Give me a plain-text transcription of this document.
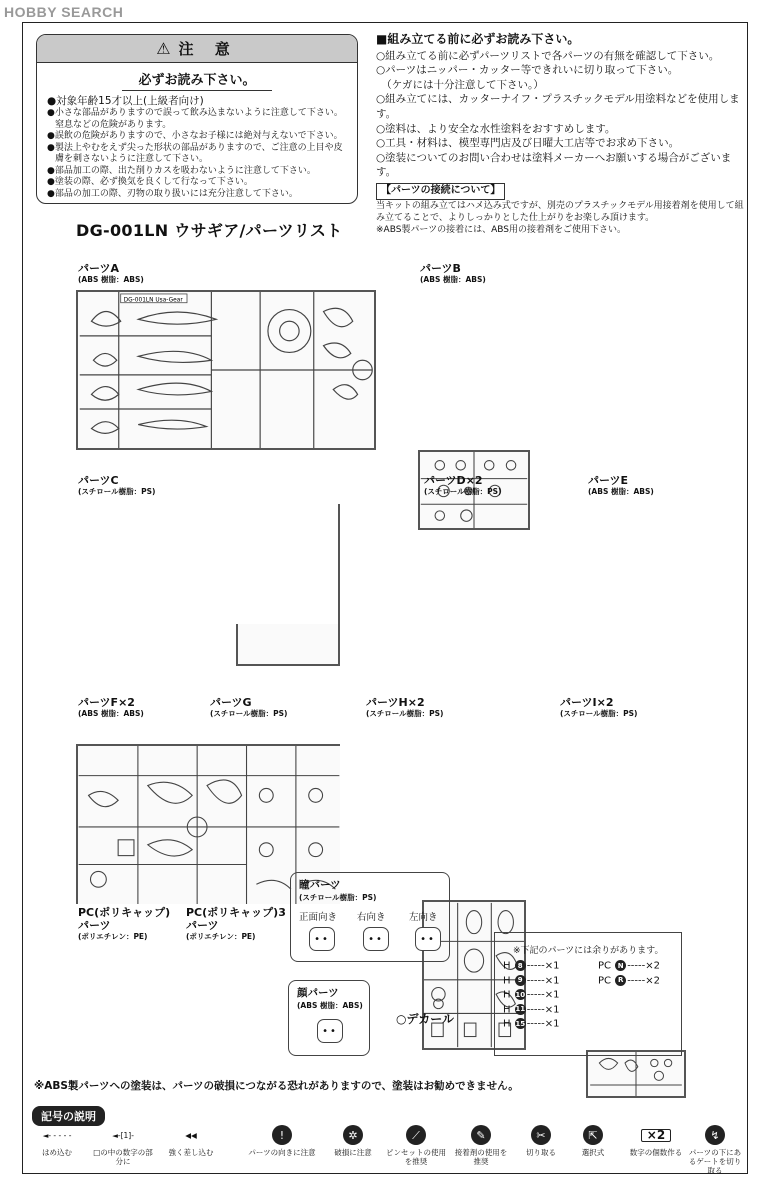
HOBBY SEARCH
⚠ 注 意
必ずお読み下さい。
●対象年齢15才以上(上級者向け)
●小さな部品がありますので誤って飲み込まないように注意して下さい。窒息などの危険があります。
●誤飲の危険がありますので、小さなお子様には絶対与えないで下さい。
●製法上やむをえず尖った形状の部品がありますので、ご注意の上目や皮膚を刺さないように注意して下さい。
●部品加工の際、出た削りカスを吸わないように注意して下さい。
●塗装の際、必ず換気を良くして行なって下さい。
●部品の加工の際、刃物の取り扱いには充分注意して下さい。
■組み立てる前に必ずお読み下さい。
○組み立てる前に必ずパーツリストで各パーツの有無を確認して下さい。
○パーツはニッパー・カッター等できれいに切り取って下さい。
　（ケガには十分注意して下さい。）
○組み立てには、カッターナイフ・プラスチックモデル用塗料などを使用します。
○塗料は、より安全な水性塗料をおすすめします。
○工具・材料は、模型専門店及び日曜大工店等でお求め下さい。
○塗装についてのお問い合わせは塗料メーカーへお願いする場合がございます。
【パーツの接続について】
当キットの組み立てはハメ込み式ですが、別売のプラスチックモデル用接着剤を使用して組み立てることで、よりしっかりとした仕上がりをお楽しみ頂けます。
※ABS製パーツの接着には、ABS用の接着剤をご使用下さい。
DG-001LN ウサギア/パーツリスト
パーツA
(ABS 樹脂：ABS)
DG-001LN Usa-Gear
パーツB
(ABS 樹脂：ABS)
パーツC
(スチロール樹脂：PS)
パーツD×2
(スチロール樹脂：PS)
パーツE
(ABS 樹脂：ABS)
パーツF×2
(ABS 樹脂：ABS)
パーツG
(スチロール樹脂：PS)
パーツH×2
(スチロール樹脂：PS)
パーツI×2
(スチロール樹脂：PS)
瞳パーツ
(スチロール樹脂：PS)
正面向き 右向き 左向き
••	••	••
PC(ポリキャップ)
パーツ
(ポリエチレン：PE)
PC(ポリキャップ)3
パーツ
(ポリエチレン：PE)
顔パーツ
(ABS 樹脂：ABS)
••
○デカール
※下記のパーツには余りがあります。
H 8 -----×1	PC N -----×2
H 9 -----×1	PC R -----×2
H 10 -----×1
H 11 -----×1
H 15 -----×1
※ABS製パーツへの塗装は、パーツの破損につながる恐れがありますので、塗装はお勧めできません。
記号の説明
◄- - - - -
はめ込む
◄-[1]-
□の中の数字の部分に
◀◀
強く差し込む
!
パーツの向きに注意
✲
破損に注意
⟋
ピンセットの使用を推奨
✎
接着剤の使用を推奨
✂
切り取る
⇱
選択式
×2
数字の個数作る
↯
パーツの下にあるゲートを切り取る
